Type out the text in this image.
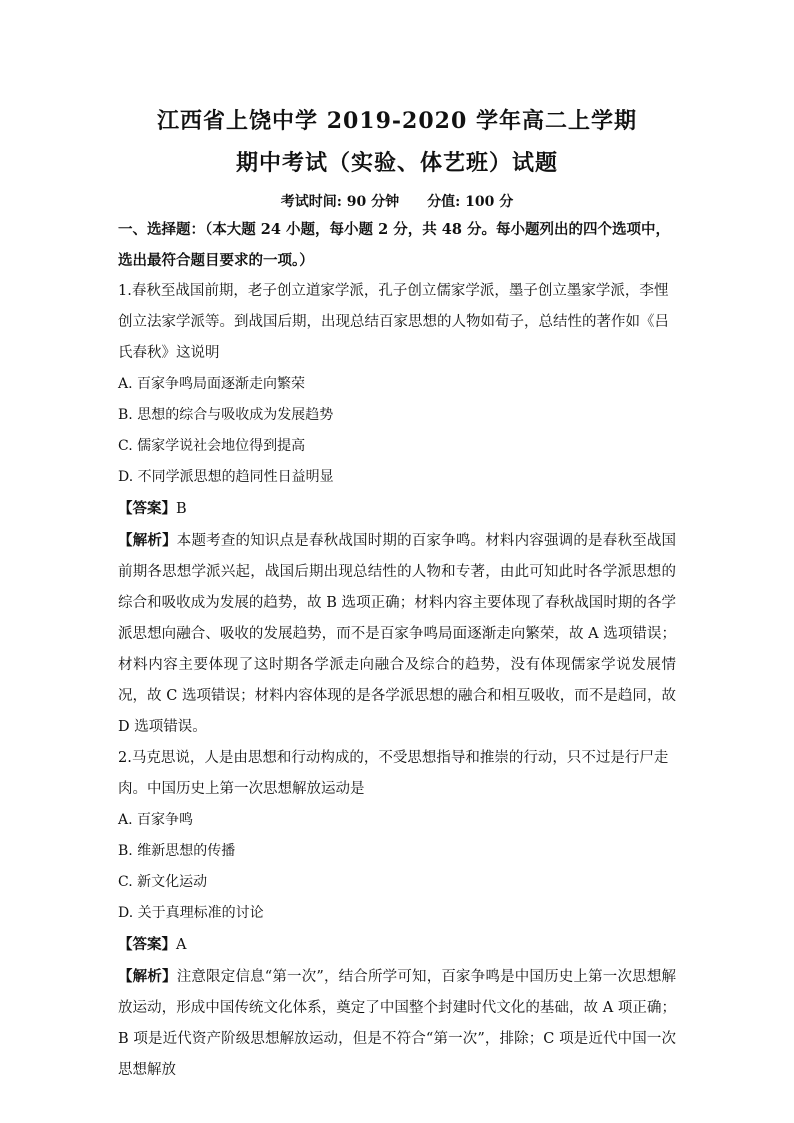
江西省上饶中学 2019-2020 学年高二上学期
期中考试（实验、体艺班）试题
考试时间: 90 分钟 分值: 100 分
一、选择题：（本大题 24 小题，每小题 2 分，共 48 分。每小题列出的四个选项中，选出最符合题目要求的一项。）

1.春秋至战国前期，老子创立道家学派，孔子创立儒家学派，墨子创立墨家学派，李悝创立法家学派等。到战国后期，出现总结百家思想的人物如荀子，总结性的著作如《吕氏春秋》这说明

A. 百家争鸣局面逐渐走向繁荣
B. 思想的综合与吸收成为发展趋势
C. 儒家学说社会地位得到提高
D. 不同学派思想的趋同性日益明显
【答案】B
【解析】本题考查的知识点是春秋战国时期的百家争鸣。材料内容强调的是春秋至战国前期各思想学派兴起，战国后期出现总结性的人物和专著，由此可知此时各学派思想的综合和吸收成为发展的趋势，故 B 选项正确；材料内容主要体现了春秋战国时期的各学派思想向融合、吸收的发展趋势，而不是百家争鸣局面逐渐走向繁荣，故 A 选项错误；材料内容主要体现了这时期各学派走向融合及综合的趋势，没有体现儒家学说发展情况，故 C 选项错误；材料内容体现的是各学派思想的融合和相互吸收，而不是趋同，故 D 选项错误。

2.马克思说，人是由思想和行动构成的，不受思想指导和推崇的行动，只不过是行尸走肉。中国历史上第一次思想解放运动是

A. 百家争鸣
B. 维新思想的传播
C. 新文化运动
D. 关于真理标准的讨论
【答案】A
【解析】注意限定信息“第一次”，结合所学可知，百家争鸣是中国历史上第一次思想解放运动，形成中国传统文化体系，奠定了中国整个封建时代文化的基础，故 A 项正确；B 项是近代资产阶级思想解放运动，但是不符合“第一次”，排除；C 项是近代中国一次思想解放
